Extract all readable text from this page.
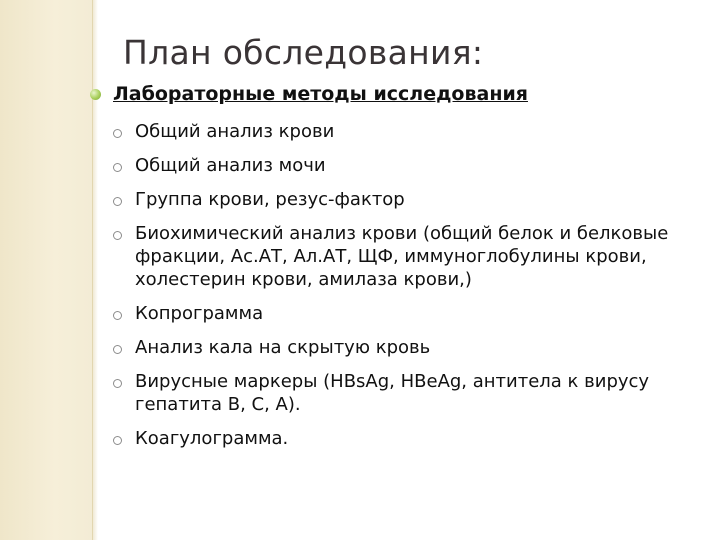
План обследования:
Лабораторные методы исследования
Общий анализ крови
Общий анализ мочи
Группа крови, резус-фактор
Биохимический анализ крови (общий белок и белковые фракции, Ас.АТ, Ал.АТ, ЩФ, иммуноглобулины крови, холестерин крови, амилаза крови,)
Копрограмма
Анализ кала на скрытую кровь
Вирусные маркеры (HBsAg, HBeAg, антитела к вирусу гепатита В, С, А).
Коагулограмма.
